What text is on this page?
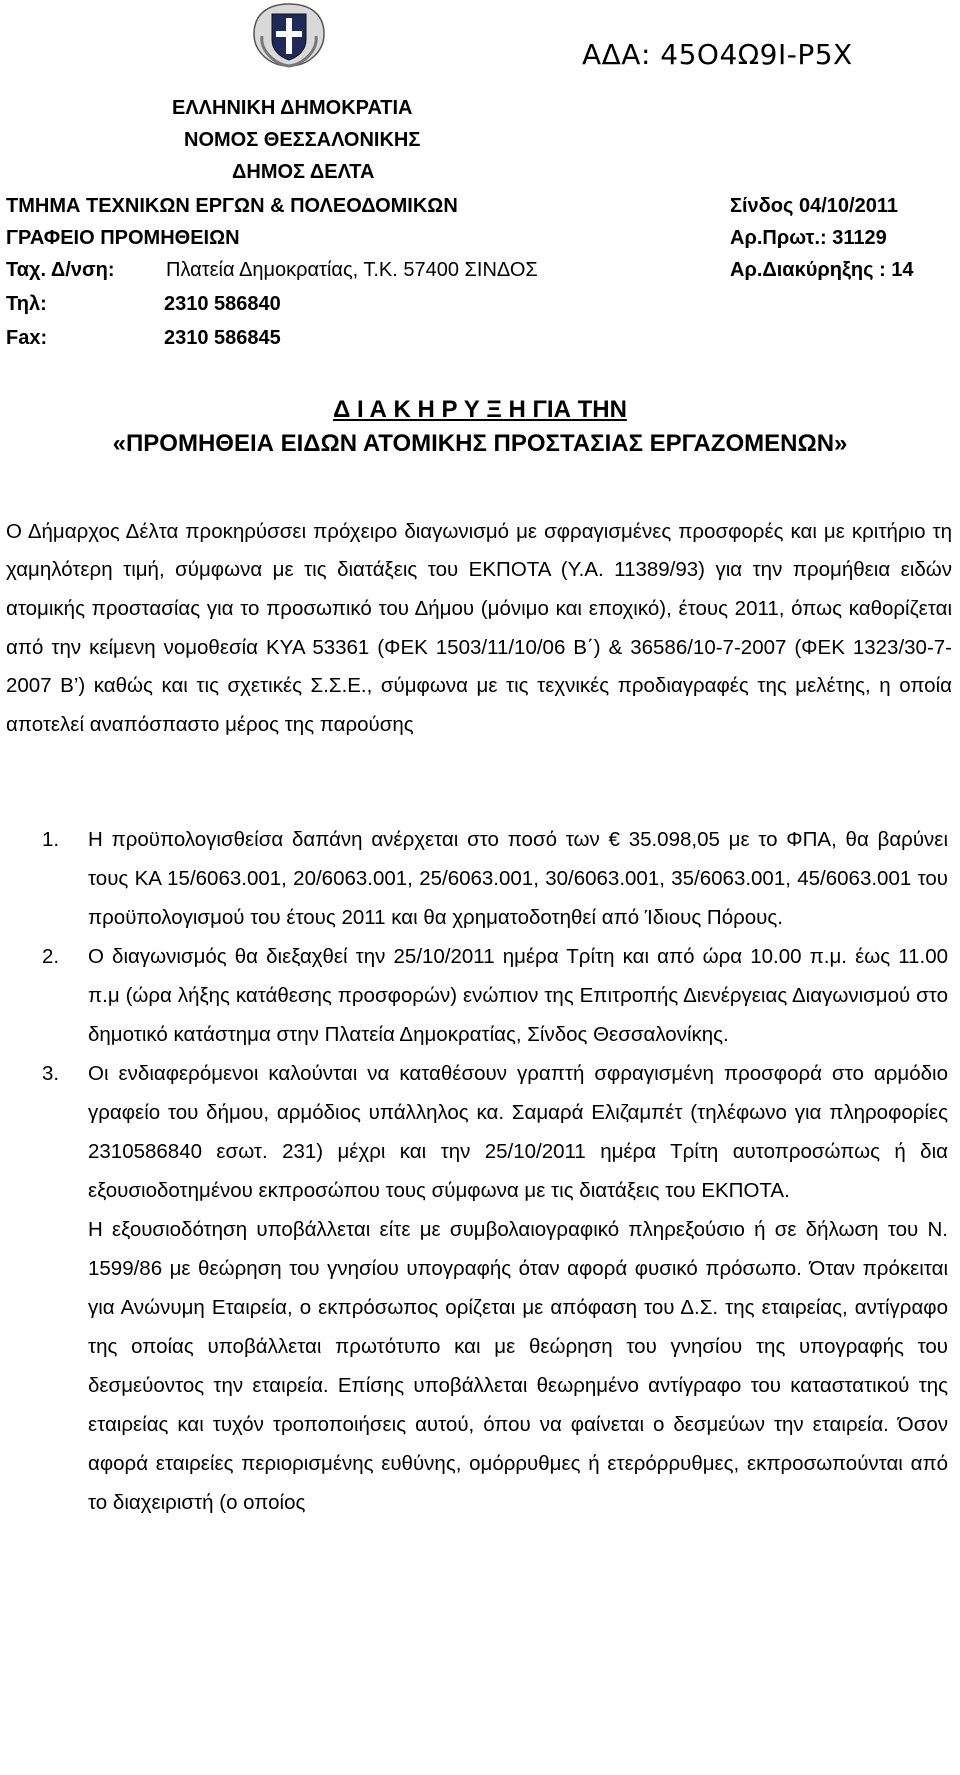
ΑΔΑ: 45Ο4Ω9Ι-Ρ5Χ
ΕΛΛΗΝΙΚΗ ΔΗΜΟΚΡΑΤΙΑ
ΝΟΜΟΣ ΘΕΣΣΑΛΟΝΙΚΗΣ
ΔΗΜΟΣ ΔΕΛΤΑ
ΤΜΗΜΑ ΤΕΧΝΙΚΩΝ ΕΡΓΩΝ & ΠΟΛΕΟΔΟΜΙΚΩΝ
ΓΡΑΦΕΙΟ ΠΡΟΜΗΘΕΙΩΝ
Ταχ. Δ/νση:	Πλατεία Δημοκρατίας, Τ.Κ. 57400 ΣΙΝΔΟΣ
Τηλ:	2310 586840
Fax:	2310 586845
Σίνδος 04/10/2011
Αρ.Πρωτ.: 31129
Αρ.Διακύρηξης : 14
Δ Ι Α Κ Η Ρ Υ Ξ Η ΓΙΑ ΤΗΝ
«ΠΡΟΜΗΘΕΙΑ ΕΙΔΩΝ ΑΤΟΜΙΚΗΣ ΠΡΟΣΤΑΣΙΑΣ ΕΡΓΑΖΟΜΕΝΩΝ»

Ο Δήμαρχος Δέλτα προκηρύσσει πρόχειρο διαγωνισμό με σφραγισμένες προσφορές και με κριτήριο τη χαμηλότερη τιμή, σύμφωνα με τις διατάξεις του ΕΚΠΟΤΑ (Υ.Α. 11389/93) για την προμήθεια ειδών ατομικής προστασίας για το προσωπικό του Δήμου (μόνιμο και εποχικό), έτους 2011, όπως καθορίζεται από την κείμενη νομοθεσία ΚΥΑ 53361 (ΦΕΚ 1503/11/10/06 Β΄) & 36586/10-7-2007 (ΦΕΚ 1323/30-7-2007 Β’) καθώς και τις σχετικές Σ.Σ.Ε., σύμφωνα με τις τεχνικές προδιαγραφές της μελέτης, η οποία αποτελεί αναπόσπαστο μέρος της παρούσης

1. Η προϋπολογισθείσα δαπάνη ανέρχεται στο ποσό των € 35.098,05 με το ΦΠΑ, θα βαρύνει τους ΚΑ 15/6063.001, 20/6063.001, 25/6063.001, 30/6063.001, 35/6063.001, 45/6063.001 του προϋπολογισμού του έτους 2011 και θα χρηματοδοτηθεί από Ίδιους Πόρους.

2. Ο διαγωνισμός θα διεξαχθεί την 25/10/2011 ημέρα Τρίτη και από ώρα 10.00 π.μ. έως 11.00 π.μ (ώρα λήξης κατάθεσης προσφορών) ενώπιον της Επιτροπής Διενέργειας Διαγωνισμού στο δημοτικό κατάστημα στην Πλατεία Δημοκρατίας, Σίνδος Θεσσαλονίκης.

3. Οι ενδιαφερόμενοι καλούνται να καταθέσουν γραπτή σφραγισμένη προσφορά στο αρμόδιο γραφείο του δήμου, αρμόδιος υπάλληλος κα. Σαμαρά Ελιζαμπέτ (τηλέφωνο για πληροφορίες 2310586840 εσωτ. 231) μέχρι και την 25/10/2011 ημέρα Τρίτη αυτοπροσώπως ή δια εξουσιοδοτημένου εκπροσώπου τους σύμφωνα με τις διατάξεις του ΕΚΠΟΤΑ.

Η εξουσιοδότηση υποβάλλεται είτε με συμβολαιογραφικό πληρεξούσιο ή σε δήλωση του Ν. 1599/86 με θεώρηση του γνησίου υπογραφής όταν αφορά φυσικό πρόσωπο. Όταν πρόκειται για Ανώνυμη Εταιρεία, ο εκπρόσωπος ορίζεται με απόφαση του Δ.Σ. της εταιρείας, αντίγραφο της οποίας υποβάλλεται πρωτότυπο και με θεώρηση του γνησίου της υπογραφής του δεσμεύοντος την εταιρεία. Επίσης υποβάλλεται θεωρημένο αντίγραφο του καταστατικού της εταιρείας και τυχόν τροποποιήσεις αυτού, όπου να φαίνεται ο δεσμεύων την εταιρεία. Όσον αφορά εταιρείες περιορισμένης ευθύνης, ομόρρυθμες ή ετερόρρυθμες, εκπροσωπούνται από το διαχειριστή (ο οποίος
